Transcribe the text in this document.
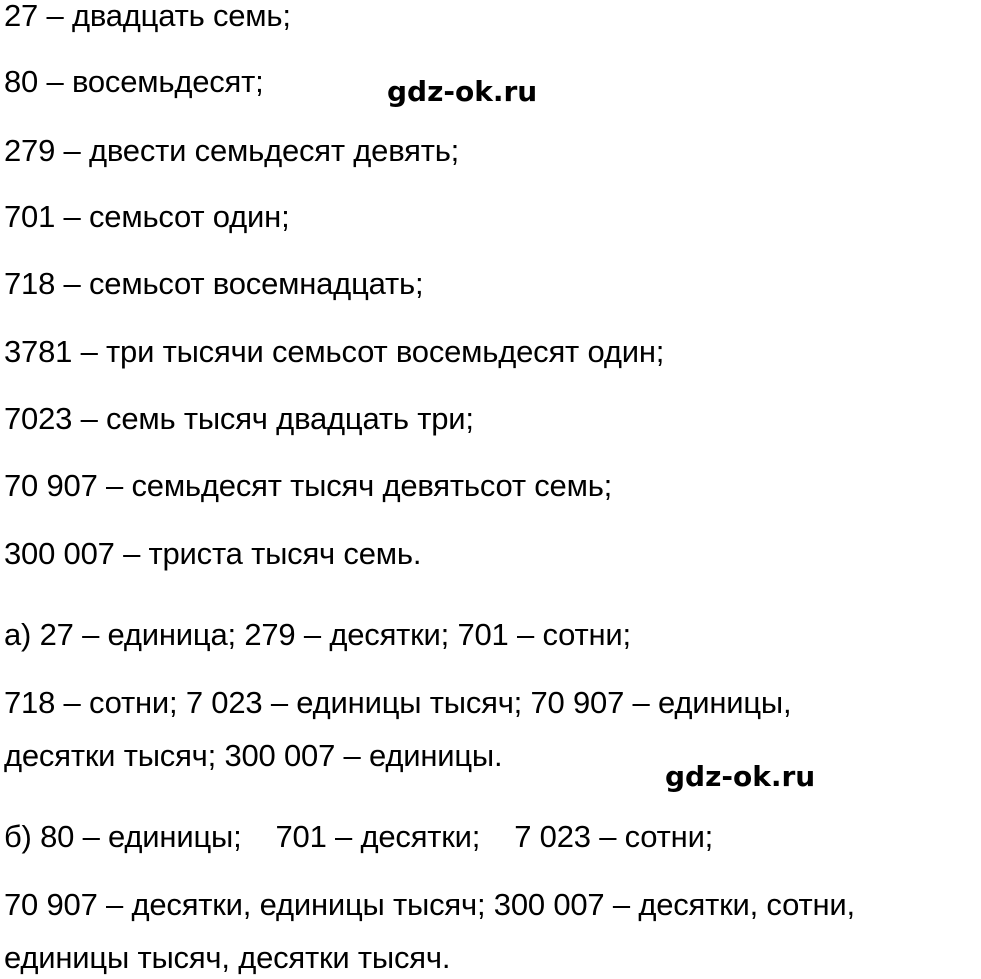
27 – двадцать семь;
80 – восемьдесят;	gdz-ok.ru
279 – двести семьдесят девять;
701 – семьсот один;
718 – семьсот восемнадцать;
3781 – три тысячи семьсот восемьдесят один;
7023 – семь тысяч двадцать три;
70 907 – семьдесят тысяч девятьсот семь;
300 007 – триста тысяч семь.
а) 27 – единица; 279 – десятки; 701 – сотни;
718 – сотни; 7 023 – единицы тысяч; 70 907 – единицы,
десятки тысяч; 300 007 – единицы.
gdz-ok.ru
б) 80 – единицы; 701 – десятки; 7 023 – сотни;
70 907 – десятки, единицы тысяч; 300 007 – десятки, сотни,
единицы тысяч, десятки тысяч.
